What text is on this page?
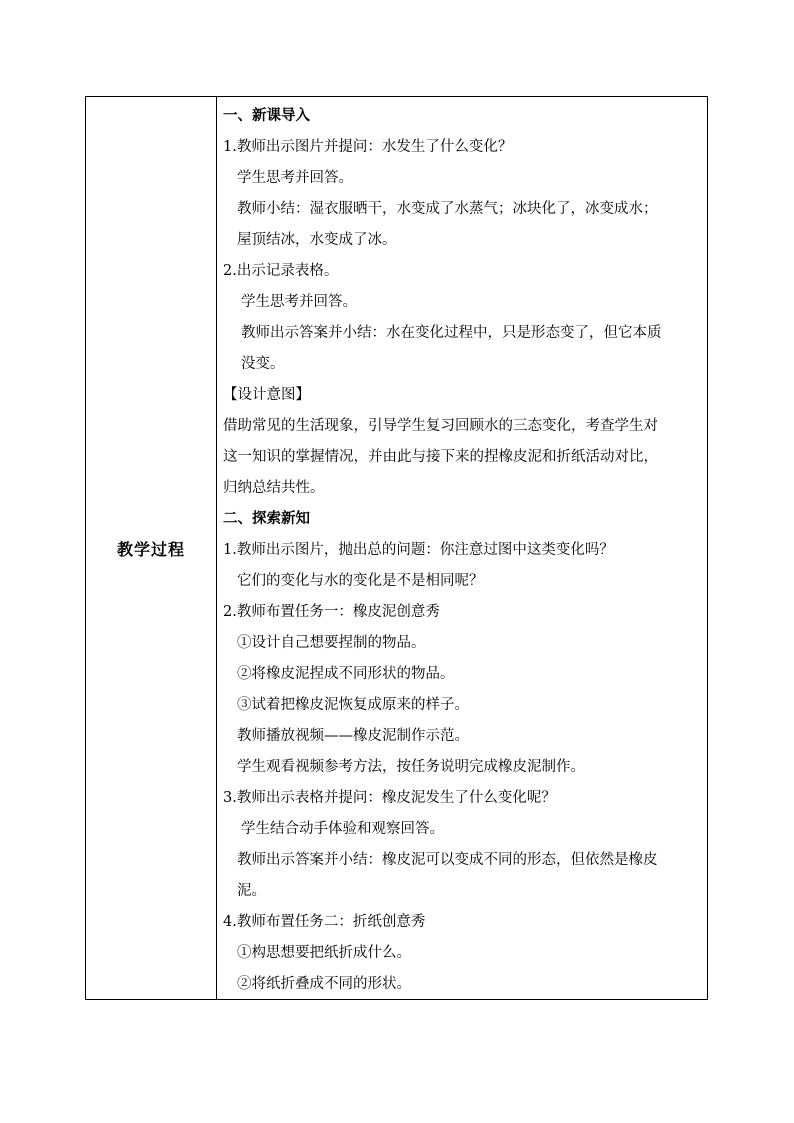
教学过程
一、新课导入
1.教师出示图片并提问：水发生了什么变化？
学生思考并回答。
教师小结：湿衣服晒干，水变成了水蒸气；冰块化了，冰变成水；
屋顶结冰，水变成了冰。
2.出示记录表格。
学生思考并回答。
教师出示答案并小结：水在变化过程中，只是形态变了，但它本质
没变。
【设计意图】
借助常见的生活现象，引导学生复习回顾水的三态变化，考查学生对
这一知识的掌握情况，并由此与接下来的捏橡皮泥和折纸活动对比，
归纳总结共性。
二、探索新知
1.教师出示图片，抛出总的问题：你注意过图中这类变化吗？
它们的变化与水的变化是不是相同呢？
2.教师布置任务一：橡皮泥创意秀
①设计自己想要捏制的物品。
②将橡皮泥捏成不同形状的物品。
③试着把橡皮泥恢复成原来的样子。
教师播放视频——橡皮泥制作示范。
学生观看视频参考方法，按任务说明完成橡皮泥制作。
3.教师出示表格并提问：橡皮泥发生了什么变化呢？
学生结合动手体验和观察回答。
教师出示答案并小结：橡皮泥可以变成不同的形态，但依然是橡皮
泥。
4.教师布置任务二：折纸创意秀
①构思想要把纸折成什么。
②将纸折叠成不同的形状。
